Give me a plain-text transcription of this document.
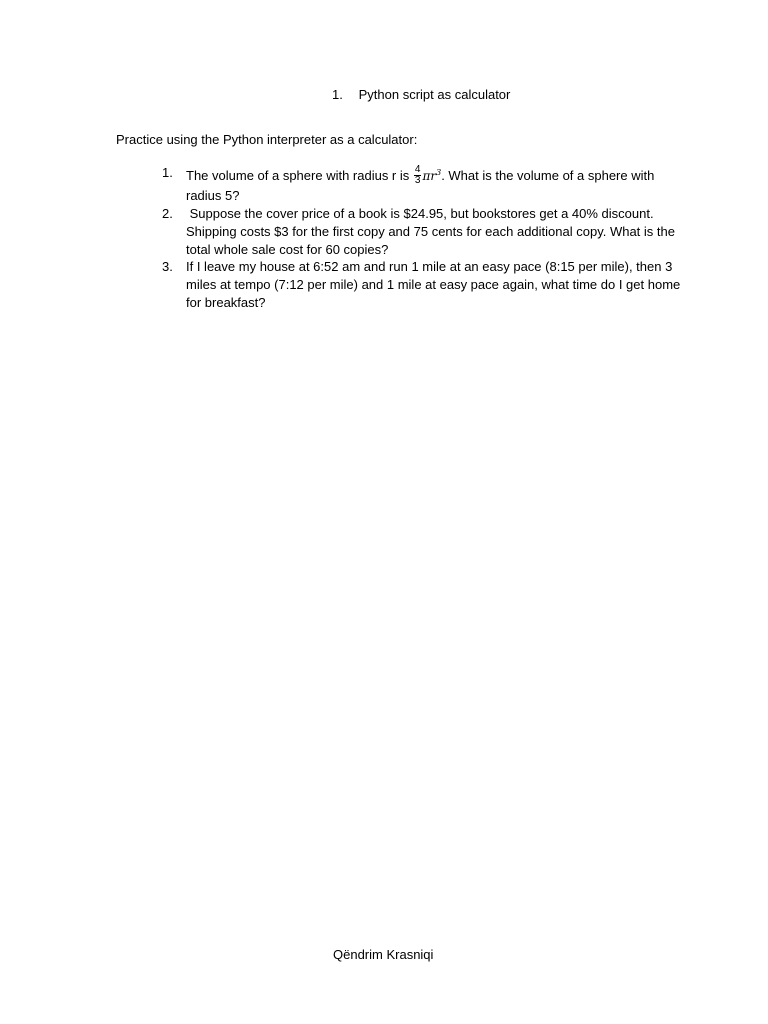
1. Python script as calculator
Practice using the Python interpreter as a calculator:
1. The volume of a sphere with radius r is $\frac{4}{3} \pi r^3$. What is the volume of a sphere with
radius 5?
2. Suppose the cover price of a book is $24.95, but bookstores get a 40% discount. Shipping costs $3 for the first copy and 75 cents for each additional copy. What is the total whole sale cost for 60 copies?
3. If I leave my house at 6:52 am and run 1 mile at an easy pace (8:15 per mile), then 3 miles at tempo (7:12 per mile) and 1 mile at easy pace again, what time do I get home for breakfast?
Qëndrim Krasniqi
